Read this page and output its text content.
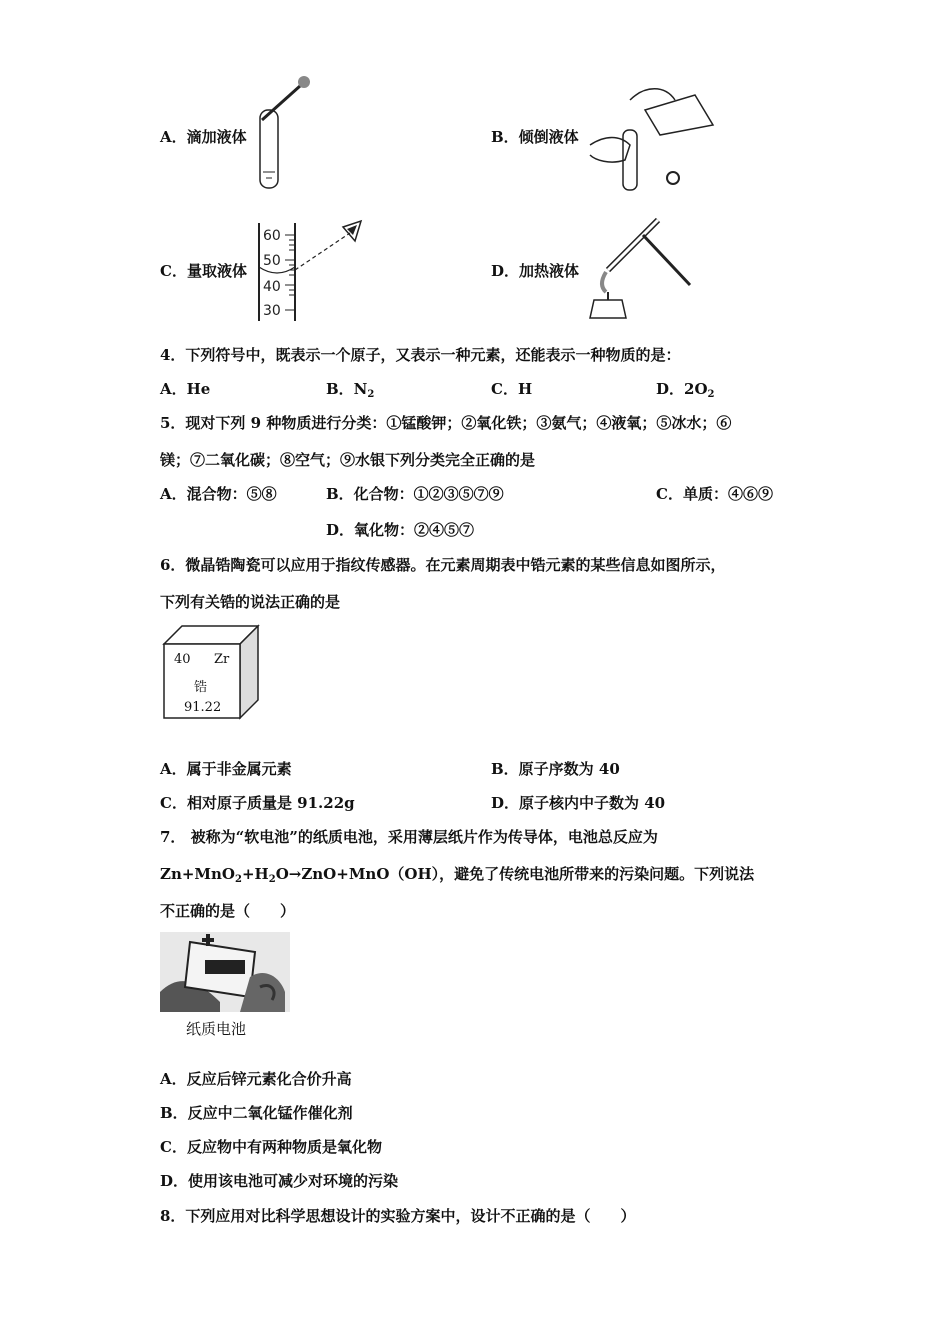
A．滴加液体	B．倾倒液体
C．量取液体
60
50
40
30
D．加热液体
4．下列符号中，既表示一个原子，又表示一种元素，还能表示一种物质的是：
A．He	B．$N_2$	C．H	D．$2O_2$
5．现对下列 9 种物质进行分类：①锰酸钾；②氧化铁；③氨气；④液氧；⑤冰水；⑥
镁；⑦二氧化碳；⑧空气；⑨水银下列分类完全正确的是
A．混合物：⑤⑧	B．化合物：①②③⑤⑦⑨	C．单质：④⑥⑨
D．氧化物：②④⑤⑦
6．微晶锆陶瓷可以应用于指纹传感器。在元素周期表中锆元素的某些信息如图所示，
下列有关锆的说法正确的是
40 Zr
锆
91.22
A．属于非金属元素	B．原子序数为 40
C．相对原子质量是 91.22g	D．原子核内中子数为 40
7． 被称为“软电池”的纸质电池，采用薄层纸片作为传导体，电池总反应为
$Zn+MnO_2+H_2O\to ZnO+MnO(OH)$，避免了传统电池所带来的污染问题。下列说法
不正确的是（　　）
纸质电池
A．反应后锌元素化合价升高
B．反应中二氧化锰作催化剂
C．反应物中有两种物质是氧化物
D．使用该电池可减少对环境的污染
8．下列应用对比科学思想设计的实验方案中，设计不正确的是（　　）
